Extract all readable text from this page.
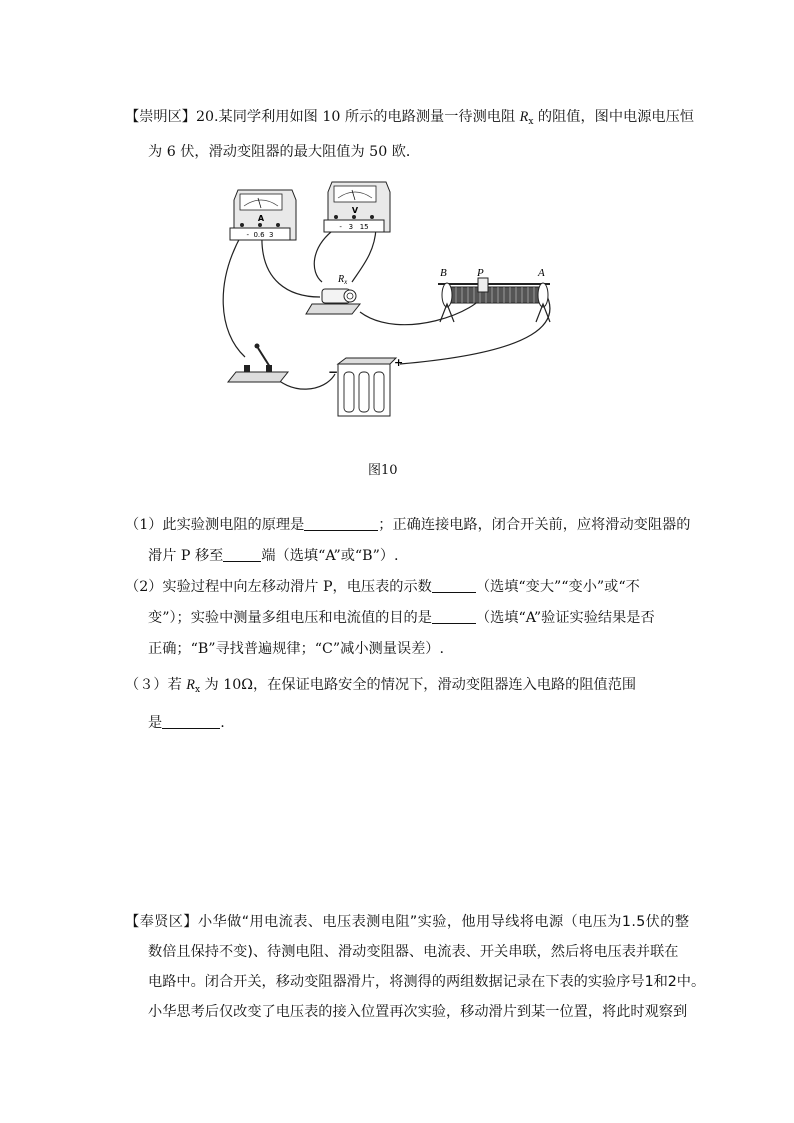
【崇明区】20.某同学利用如图 10 所示的电路测量一待测电阻 $R_x$ 的阻值，图中电源电压恒
为 6 伏，滑动变阻器的最大阻值为 50 欧．
A
-  0.6  3
V
-   3   15
$R_x$
B	P	A
−
+
图10
（1）此实验测电阻的原理是	；正确连接电路，闭合开关前，应将滑动变阻器的
滑片 P 移至	端（选填“A”或“B”）.
（2）实验过程中向左移动滑片 P，电压表的示数	（选填“变大”“变小”或“不
变”）；实验中测量多组电压和电流值的目的是	（选填“A”验证实验结果是否
正确；“B”寻找普遍规律；“C”减小测量误差）.
（３）若 $R_x$ 为 10Ω，在保证电路安全的情况下，滑动变阻器连入电路的阻值范围
是	.
【奉贤区】小华做“用电流表、电压表测电阻”实验，他用导线将电源（电压为1.5伏的整
数倍且保持不变)、待测电阻、滑动变阻器、电流表、开关串联，然后将电压表并联在
电路中。闭合开关，移动变阻器滑片，将测得的两组数据记录在下表的实验序号1和2中。
小华思考后仅改变了电压表的接入位置再次实验，移动滑片到某一位置，将此时观察到
